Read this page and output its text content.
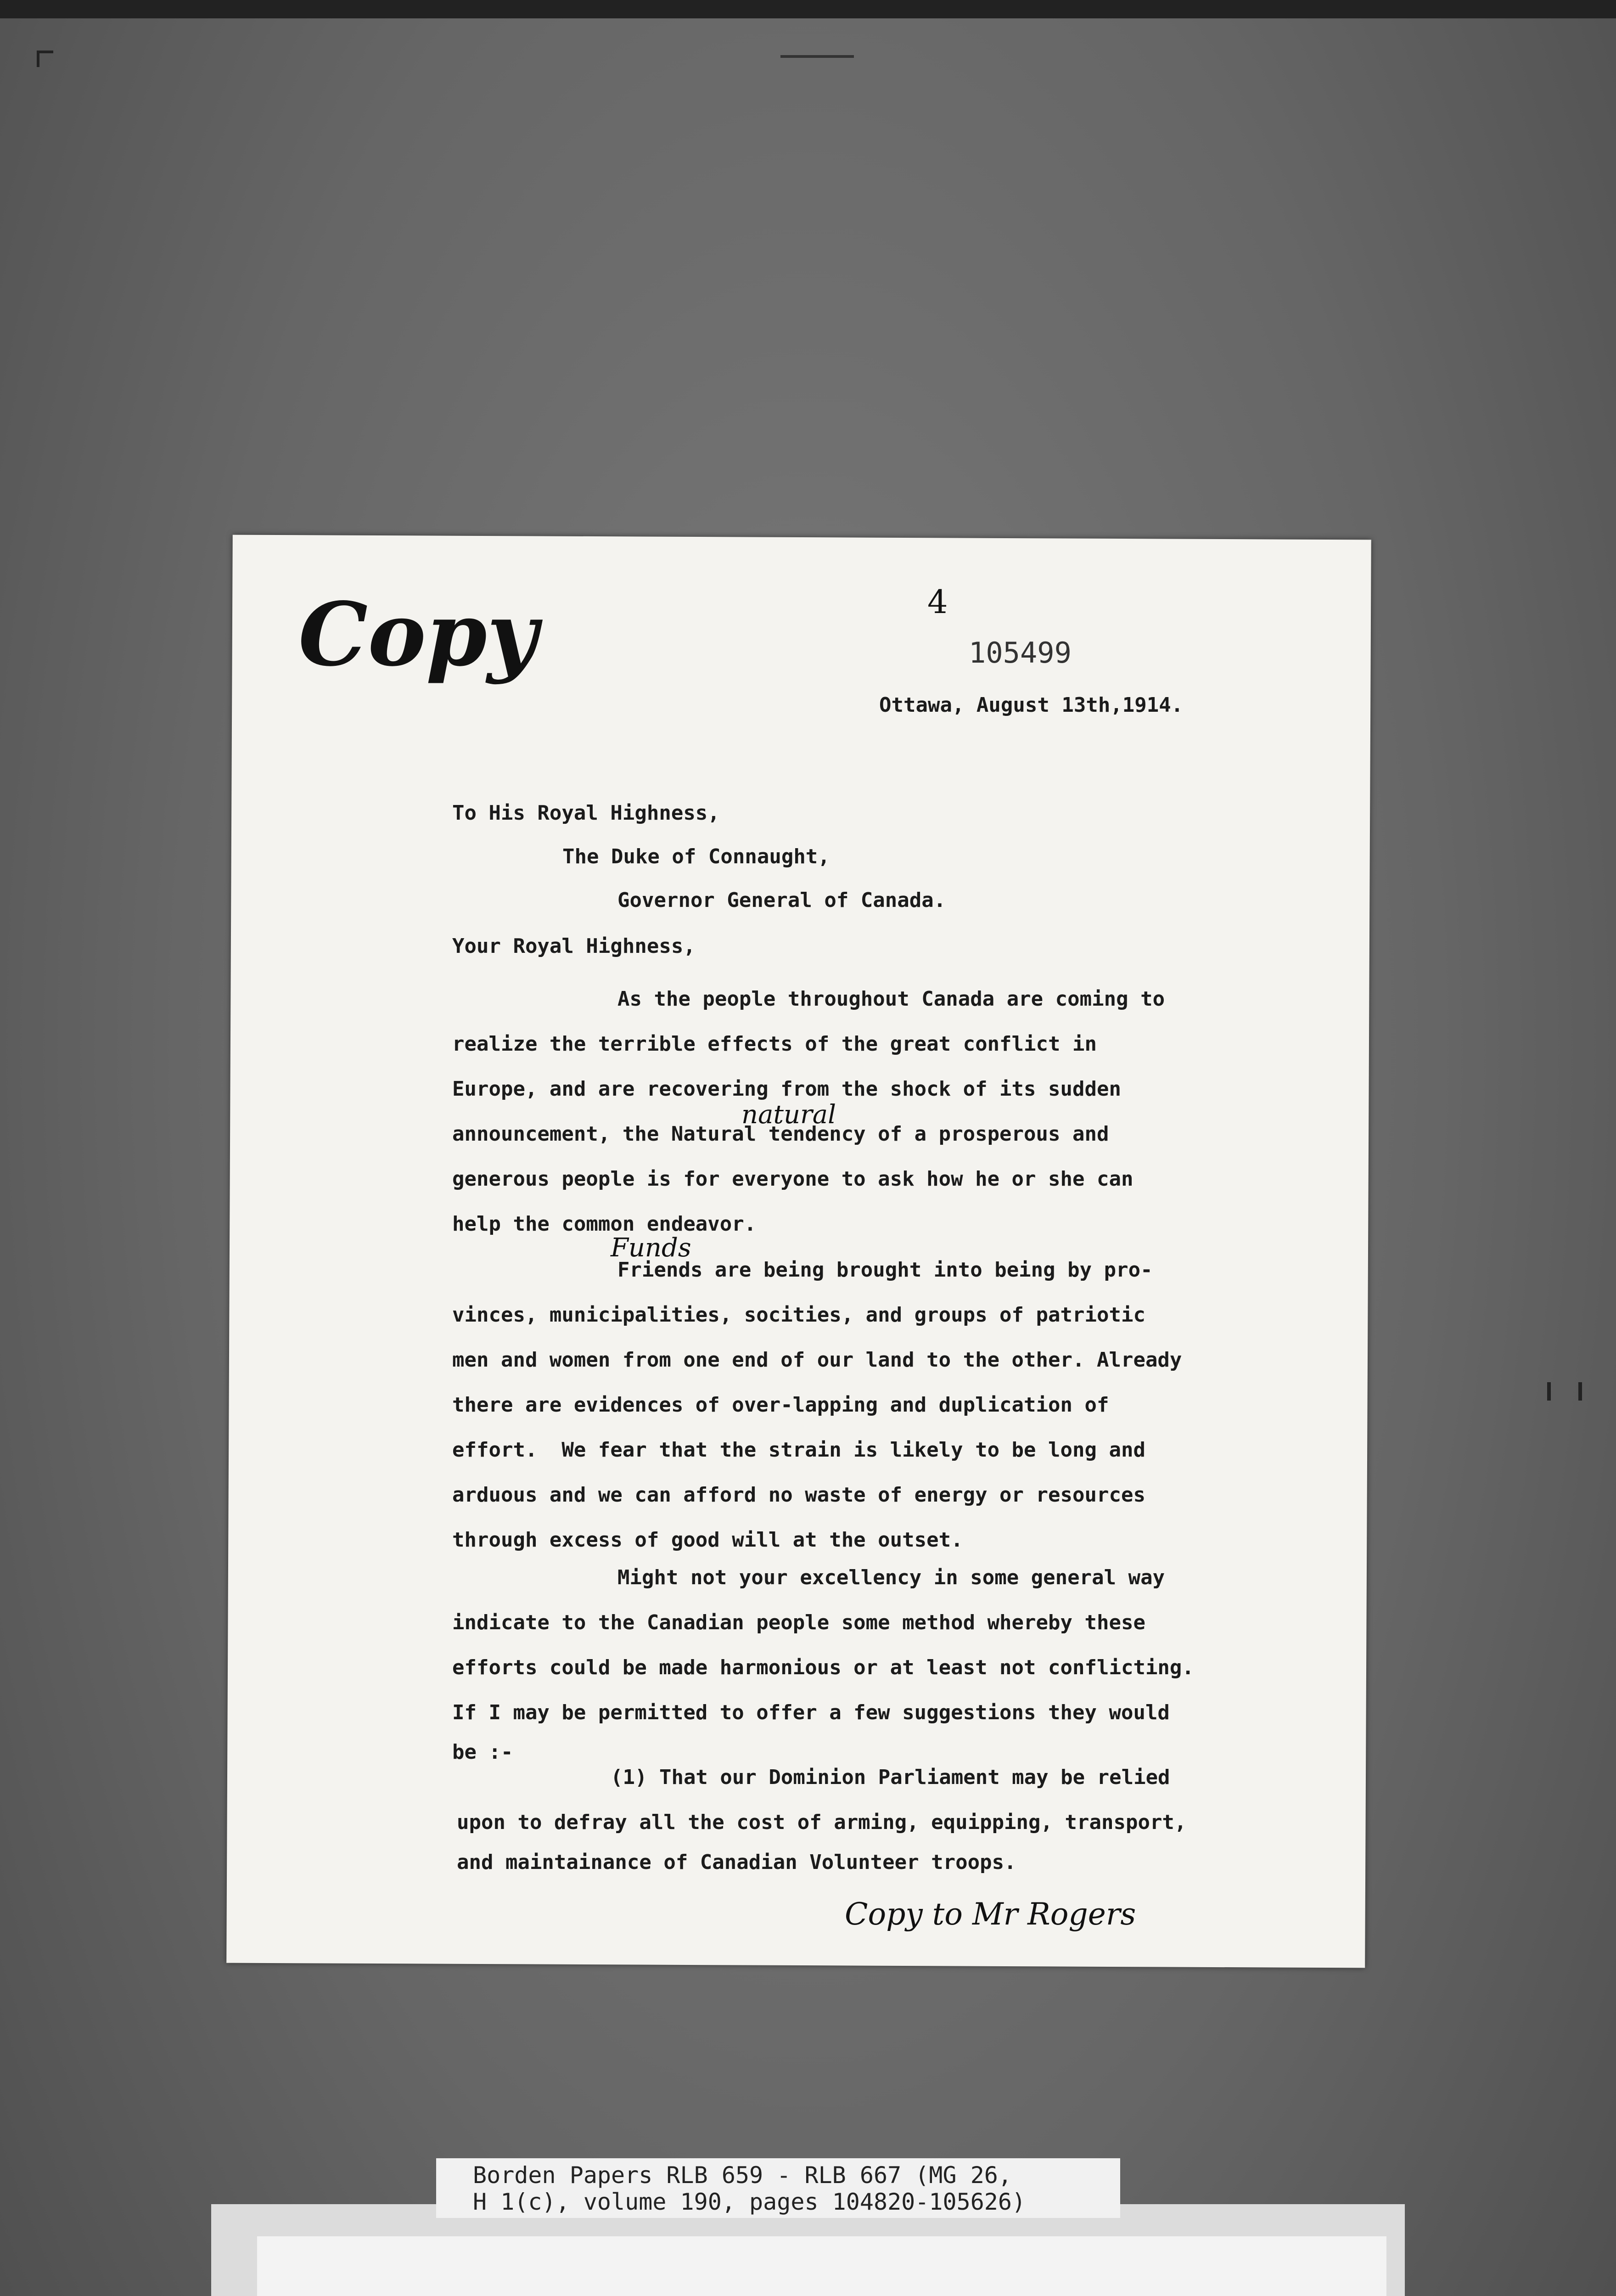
Copy	4
105499
Ottawa, August 13th,1914.
To His Royal Highness,
The Duke of Connaught,
Governor General of Canada.
Your Royal Highness,
As the people throughout Canada are coming to
realize the terrible effects of the great conflict in
Europe, and are recovering from the shock of its sudden
natural
announcement, the Natural tendency of a prosperous and
generous people is for everyone to ask how he or she can
help the common endeavor.
Funds
Friends are being brought into being by pro-
vinces, municipalities, socities, and groups of patriotic
men and women from one end of our land to the other. Already
there are evidences of over-lapping and duplication of
effort.  We fear that the strain is likely to be long and
arduous and we can afford no waste of energy or resources
through excess of good will at the outset.
Might not your excellency in some general way
indicate to the Canadian people some method whereby these
efforts could be made harmonious or at least not conflicting.
If I may be permitted to offer a few suggestions they would
be :-
(1) That our Dominion Parliament may be relied
upon to defray all the cost of arming, equipping, transport,
and maintainance of Canadian Volunteer troops.
Copy to Mr Rogers
Borden Papers RLB 659 - RLB 667 (MG 26,
H 1(c), volume 190, pages 104820-105626)
